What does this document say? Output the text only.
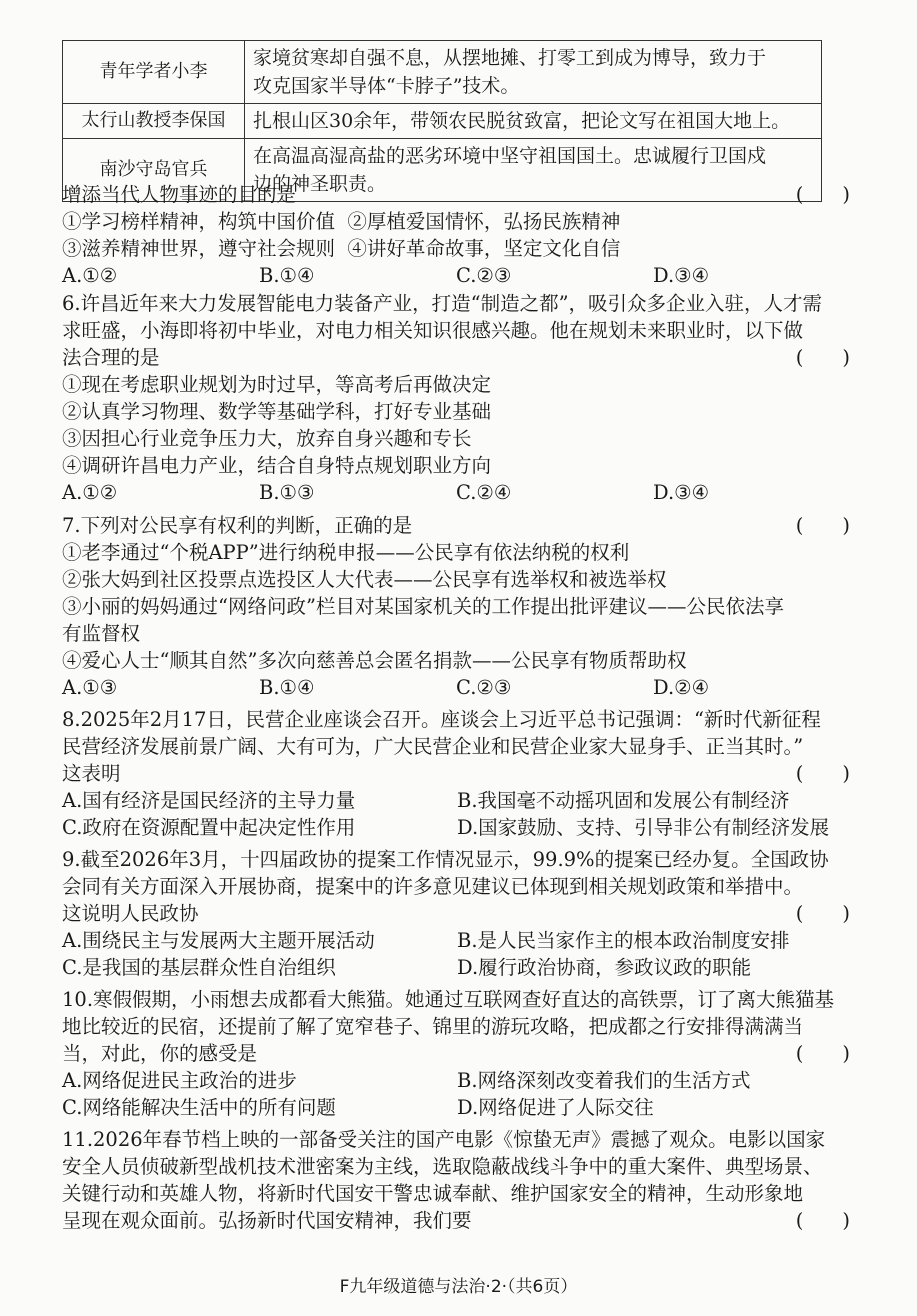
青年学者小李	家境贫寒却自强不息，从摆地摊、打零工到成为博导，致力于
攻克国家半导体“卡脖子”技术。

太行山教授李保国	扎根山区30余年，带领农民脱贫致富，把论文写在祖国大地上。

南沙守岛官兵	在高温高湿高盐的恶劣环境中坚守祖国国土。忠诚履行卫国戍
边的神圣职责。
增添当代人物事迹的目的是	(　　)
①学习榜样精神，构筑中国价值 ②厚植爱国情怀，弘扬民族精神
③滋养精神世界，遵守社会规则 ④讲好革命故事，坚定文化自信
A.①②	B.①④	C.②③	D.③④
6.许昌近年来大力发展智能电力装备产业，打造“制造之都”，吸引众多企业入驻，人才需
求旺盛，小海即将初中毕业，对电力相关知识很感兴趣。他在规划未来职业时，以下做
法合理的是	(　　)
①现在考虑职业规划为时过早，等高考后再做决定
②认真学习物理、数学等基础学科，打好专业基础
③因担心行业竞争压力大，放弃自身兴趣和专长
④调研许昌电力产业，结合自身特点规划职业方向
A.①②	B.①③	C.②④	D.③④
7.下列对公民享有权利的判断，正确的是	(　　)
①老李通过“个税APP”进行纳税申报——公民享有依法纳税的权利
②张大妈到社区投票点选投区人大代表——公民享有选举权和被选举权
③小丽的妈妈通过“网络问政”栏目对某国家机关的工作提出批评建议——公民依法享
有监督权
④爱心人士“顺其自然”多次向慈善总会匿名捐款——公民享有物质帮助权
A.①③	B.①④	C.②③	D.②④
8.2025年2月17日，民营企业座谈会召开。座谈会上习近平总书记强调：“新时代新征程
民营经济发展前景广阔、大有可为，广大民营企业和民营企业家大显身手、正当其时。”
这表明	(　　)
A.国有经济是国民经济的主导力量	B.我国毫不动摇巩固和发展公有制经济
C.政府在资源配置中起决定性作用	D.国家鼓励、支持、引导非公有制经济发展
9.截至2026年3月，十四届政协的提案工作情况显示，99.9%的提案已经办复。全国政协
会同有关方面深入开展协商，提案中的许多意见建议已体现到相关规划政策和举措中。
这说明人民政协	(　　)
A.围绕民主与发展两大主题开展活动	B.是人民当家作主的根本政治制度安排
C.是我国的基层群众性自治组织	D.履行政治协商，参政议政的职能
10.寒假假期，小雨想去成都看大熊猫。她通过互联网查好直达的高铁票，订了离大熊猫基
地比较近的民宿，还提前了解了宽窄巷子、锦里的游玩攻略，把成都之行安排得满满当
当，对此，你的感受是	(　　)
A.网络促进民主政治的进步	B.网络深刻改变着我们的生活方式
C.网络能解决生活中的所有问题	D.网络促进了人际交往
11.2026年春节档上映的一部备受关注的国产电影《惊蛰无声》震撼了观众。电影以国家
安全人员侦破新型战机技术泄密案为主线，选取隐蔽战线斗争中的重大案件、典型场景、
关键行动和英雄人物，将新时代国安干警忠诚奉献、维护国家安全的精神，生动形象地
呈现在观众面前。弘扬新时代国安精神，我们要	(　　)
F九年级道德与法治·2·（共6页）
